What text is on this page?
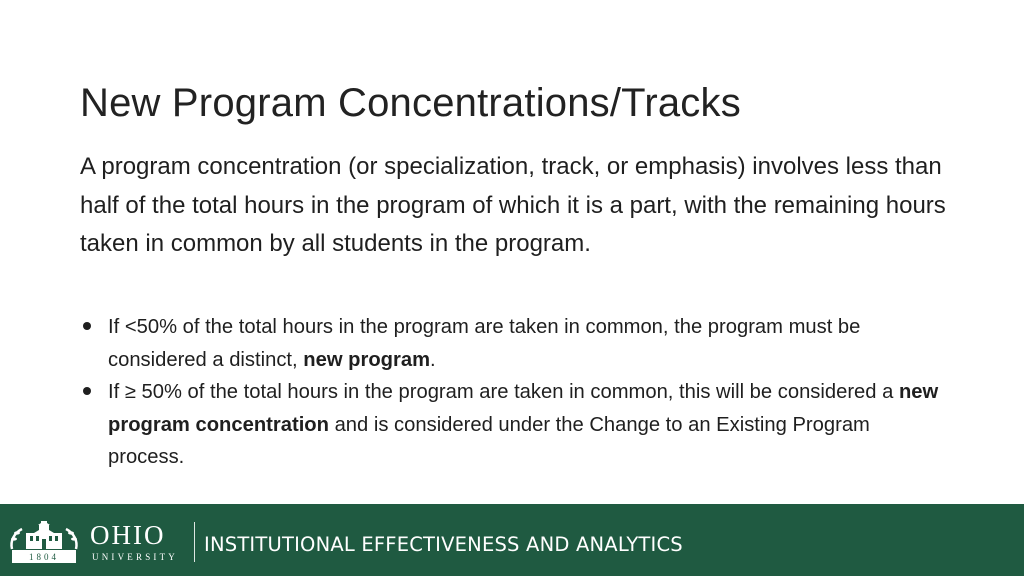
New Program Concentrations/Tracks
A program concentration (or specialization, track, or emphasis) involves less than half of the total hours in the program of which it is a part, with the remaining hours taken in common by all students in the program.
If <50% of the total hours in the program are taken in common, the program must be considered a distinct, new program.
If ≥ 50% of the total hours in the program are taken in common, this will be considered a new program concentration and is considered under the Change to an Existing Program process.
1804
OHIO
UNIVERSITY
INSTITUTIONAL EFFECTIVENESS AND ANALYTICS
